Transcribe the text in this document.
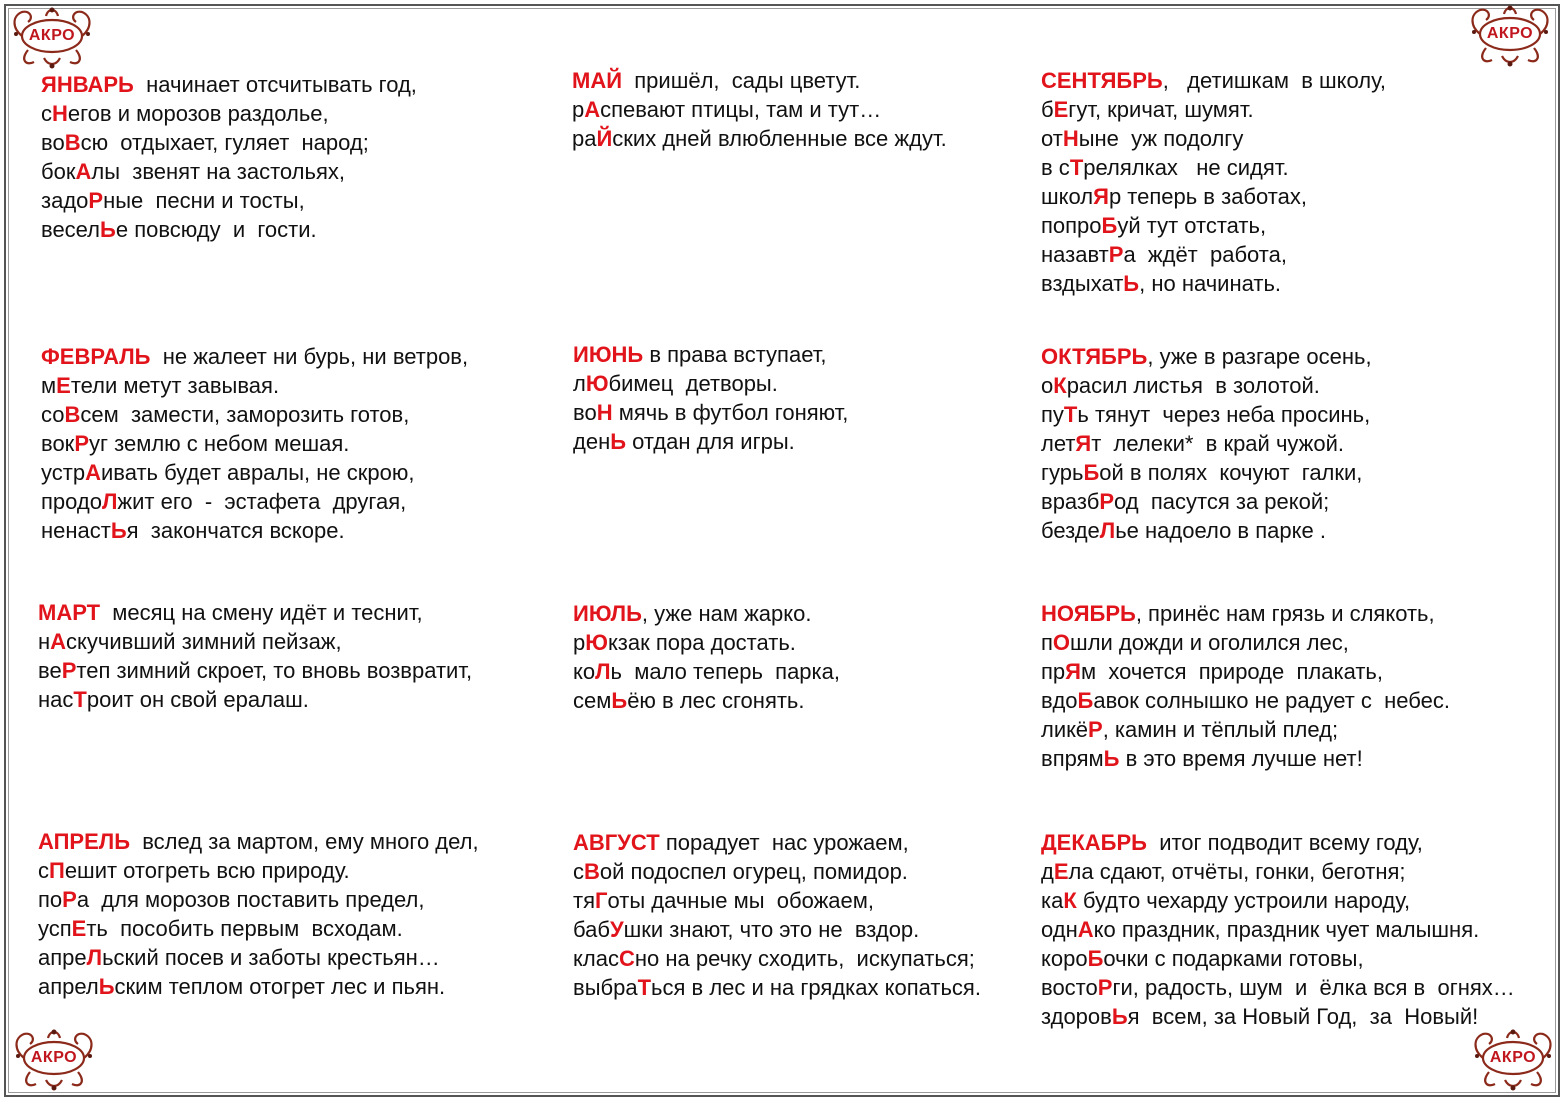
АКРО	АКРО
АКРО	АКРО
ЯНВАРЬ  начинает отсчитывать год,
сНегов и морозов раздолье,
воВсю  отдыхает, гуляет  народ;
бокАлы  звенят на застольях,
задоРные  песни и тосты,
веселЬе повсюду  и  гости.
ФЕВРАЛЬ  не жалеет ни бурь, ни ветров,
мЕтели метут завывая.
соВсем  замести, заморозить готов,
вокРуг землю с небом мешая.
устрАивать будет авралы, не скрою,
продоЛжит его  -  эстафета  другая,
ненастЬя  закончатся вскоре.
МАРТ  месяц на смену идёт и теснит,
нАскучивший зимний пейзаж,
веРтеп зимний скроет, то вновь возвратит,
насТроит он свой ералаш.
АПРЕЛЬ  вслед за мартом, ему много дел,
сПешит отогреть всю природу.
поРа  для морозов поставить предел,
успЕть  пособить первым  всходам.
апреЛьский посев и заботы крестьян…
апрелЬским теплом отогрет лес и пьян.
МАЙ  пришёл,  сады цветут.
рАспевают птицы, там и тут…
раЙских дней влюбленные все ждут.
ИЮНЬ в права вступает,
лЮбимец  детворы.
воН мячь в футбол гоняют,
денЬ отдан для игры.
ИЮЛЬ, уже нам жарко.
рЮкзак пора достать.
коЛь  мало теперь  парка,
семЬёю в лес сгонять.
АВГУСТ порадует  нас урожаем,
сВой подоспел огурец, помидор.
тяГоты дачные мы  обожаем,
бабУшки знают, что это не  вздор.
класСно на речку сходить,  искупаться;
выбраТься в лес и на грядках копаться.
СЕНТЯБРЬ,   детишкам  в школу,
бЕгут, кричат, шумят.
отНыне  уж подолгу
в сТрелялках   не сидят.
школЯр теперь в заботах,
попроБуй тут отстать,
назавтРа  ждёт  работа,
вздыхатЬ, но начинать.
ОКТЯБРЬ, уже в разгаре осень,
оКрасил листья  в золотой.
пуТь тянут  через неба просинь,
летЯт  лелеки*  в край чужой.
гурьБой в полях  кочуют  галки,
вразбРод  пасутся за рекой;
бездеЛье надоело в парке .
НОЯБРЬ, принёс нам грязь и слякоть,
пОшли дожди и оголился лес,
прЯм  хочется  природе  плакать,
вдоБавок солнышко не радует с  небес.
ликёР, камин и тёплый плед;
впрямЬ в это время лучше нет!
ДЕКАБРЬ  итог подводит всему году,
дЕла сдают, отчёты, гонки, беготня;
каК будто чехарду устроили народу,
однАко праздник, праздник чует малышня.
короБочки с подарками готовы,
востоРги, радость, шум  и  ёлка вся в  огнях…
здоровЬя  всем, за Новый Год,  за  Новый!
